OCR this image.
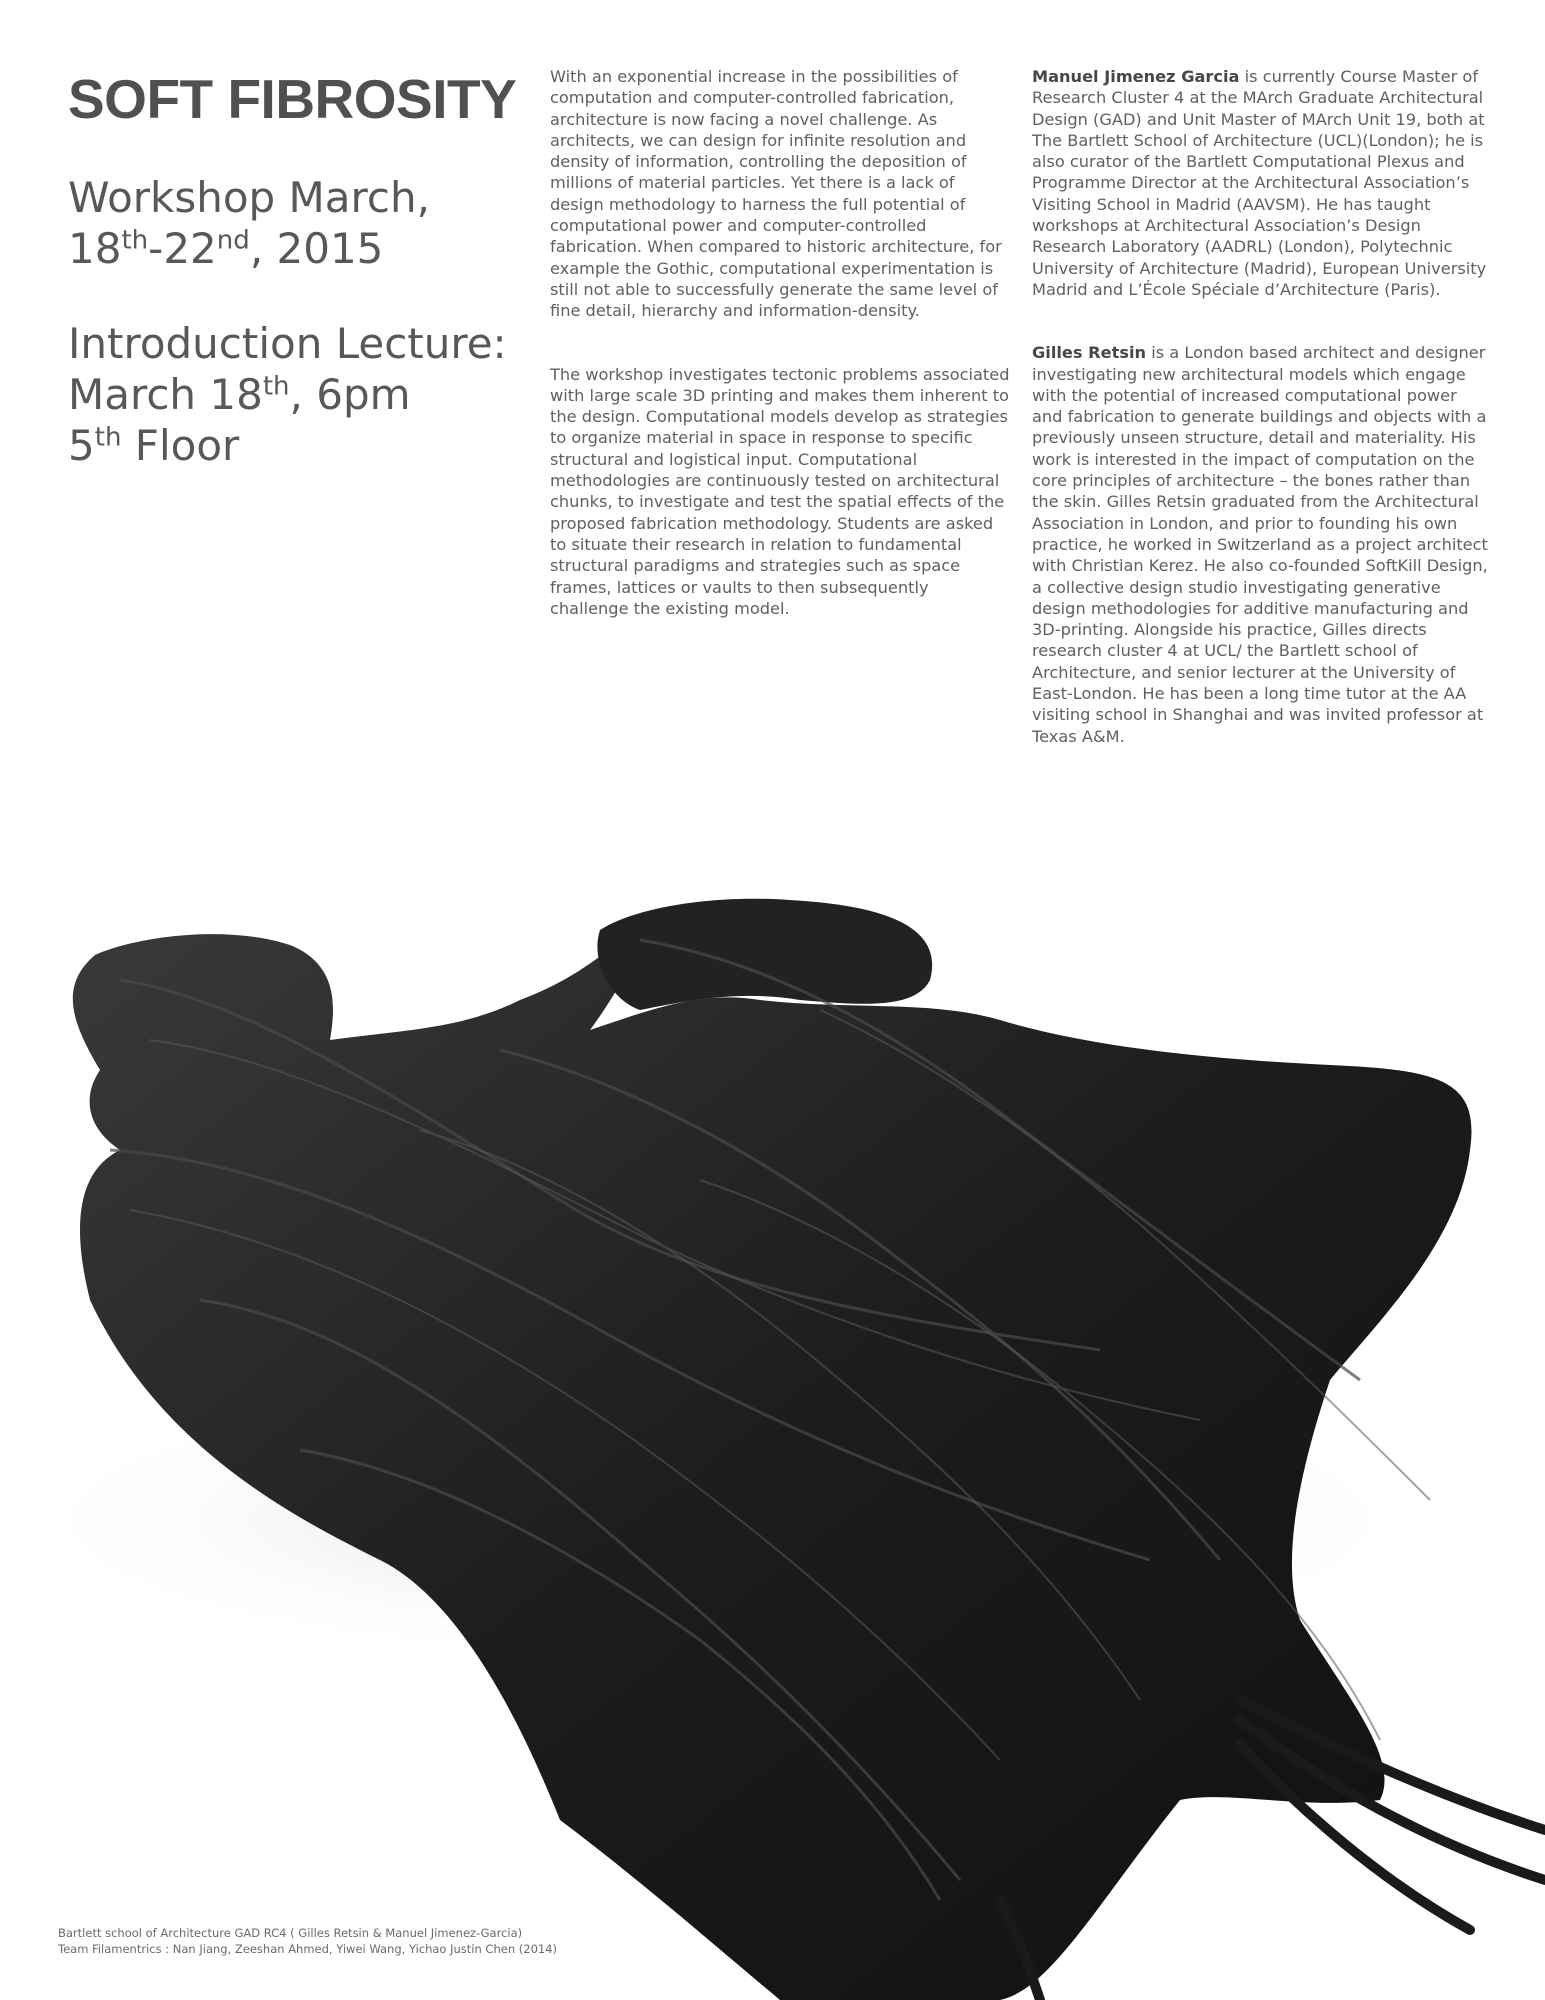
SOFT FIBROSITY
Workshop March,
18th-22nd, 2015
Introduction Lecture:
March 18th, 6pm
5th Floor

With an exponential increase in the possibilities of computation and computer-controlled fabrication, architecture is now facing a novel challenge. As architects, we can design for infinite resolution and density of information, controlling the deposition of millions of material particles. Yet there is a lack of design methodology to harness the full potential of computational power and computer-controlled fabrication. When compared to historic architecture, for example the Gothic, computational experimentation is still not able to successfully generate the same level of fine detail, hierarchy and information-density.

The workshop investigates tectonic problems associated with large scale 3D printing and makes them inherent to the design. Computational models develop as strategies to organize material in space in response to specific structural and logistical input. Computational methodologies are continuously tested on architectural chunks, to investigate and test the spatial effects of the proposed fabrication methodology. Students are asked to situate their research in relation to fundamental structural paradigms and strategies such as space frames, lattices or vaults to then subsequently challenge the existing model.

Manuel Jimenez Garcia is currently Course Master of Research Cluster 4 at the MArch Graduate Architectural Design (GAD) and Unit Master of MArch Unit 19, both at The Bartlett School of Architecture (UCL)(London); he is also curator of the Bartlett Computational Plexus and Programme Director at the Architectural Association’s Visiting School in Madrid (AAVSM). He has taught workshops at Architectural Association’s Design Research Laboratory (AADRL) (London), Polytechnic University of Architecture (Madrid), European University Madrid and L’École Spéciale d’Architecture (Paris).

Gilles Retsin is a London based architect and designer investigating new architectural models which engage with the potential of increased computational power and fabrication to generate buildings and objects with a previously unseen structure, detail and materiality. His work is interested in the impact of computation on the core principles of architecture – the bones rather than the skin. Gilles Retsin graduated from the Architectural Association in London, and prior to founding his own practice, he worked in Switzerland as a project architect with Christian Kerez. He also co-founded SoftKill Design, a collective design studio investigating generative design methodologies for additive manufacturing and 3D-printing. Alongside his practice, Gilles directs research cluster 4 at UCL/ the Bartlett school of Architecture, and senior lecturer at the University of East-London. He has been a long time tutor at the AA visiting school in Shanghai and was invited professor at Texas A&M.

Bartlett school of Architecture GAD RC4 ( Gilles Retsin & Manuel Jimenez-Garcia)
Team Filamentrics : Nan Jiang, Zeeshan Ahmed, Yiwei Wang, Yichao Justin Chen (2014)
